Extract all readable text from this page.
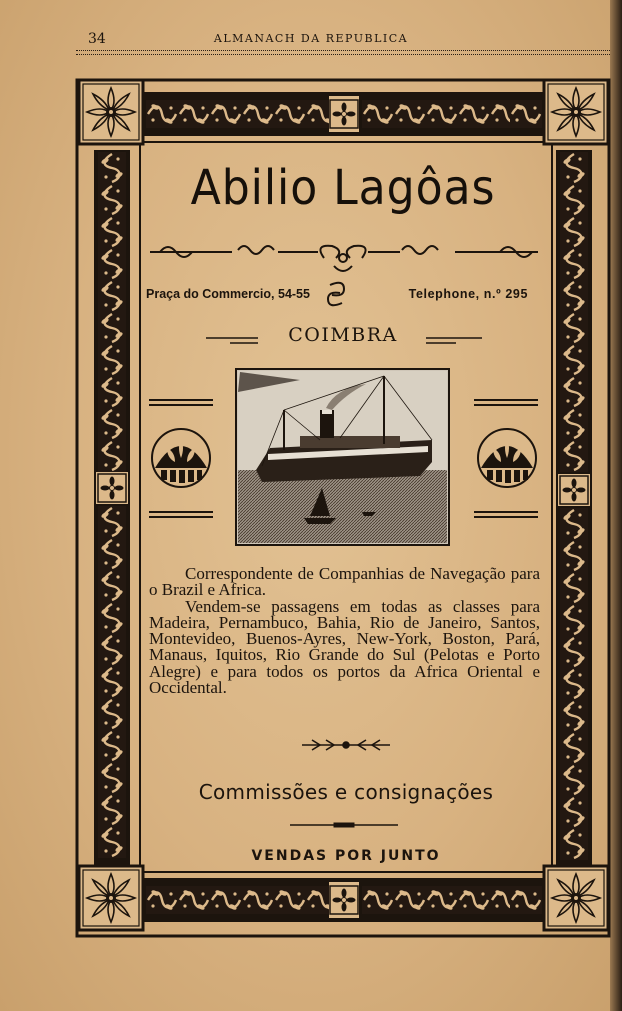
34	ALMANACH DA REPUBLICA
Abilio Lagôas
Praça do Commercio, 54-55	Telephone, n.º 295
COIMBRA

Correspondente de Companhias de Navegação para o Brazil e Africa.

Vendem-se passagens em todas as classes para Madeira, Pernambuco, Bahia, Rio de Janeiro, Santos, Montevideo, Buenos-Ayres, New-York, Boston, Pará, Manaus, Iquitos, Rio Grande do Sul (Pelotas e Porto Alegre) e para todos os portos da Africa Oriental e Occidental.

Commissões e consignações
VENDAS POR JUNTO
